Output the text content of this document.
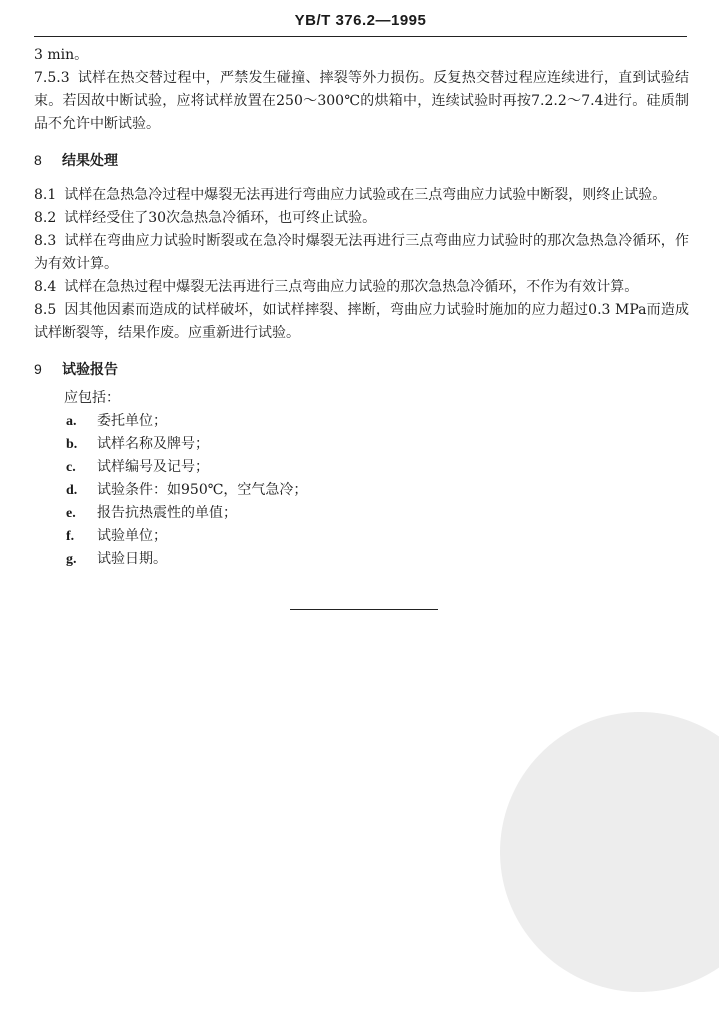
YB/T 376.2—1995

3 min。

7.5.3 试样在热交替过程中，严禁发生碰撞、摔裂等外力损伤。反复热交替过程应连续进行，直到试验结束。若因故中断试验，应将试样放置在250～300℃的烘箱中，连续试验时再按7.2.2～7.4进行。硅质制品不允许中断试验。

8 结果处理

8.1 试样在急热急冷过程中爆裂无法再进行弯曲应力试验或在三点弯曲应力试验中断裂，则终止试验。

8.2 试样经受住了30次急热急冷循环，也可终止试验。

8.3 试样在弯曲应力试验时断裂或在急冷时爆裂无法再进行三点弯曲应力试验时的那次急热急冷循环，作为有效计算。

8.4 试样在急热过程中爆裂无法再进行三点弯曲应力试验的那次急热急冷循环，不作为有效计算。

8.5 因其他因素而造成的试样破坏，如试样摔裂、摔断，弯曲应力试验时施加的应力超过0.3 MPa而造成试样断裂等，结果作废。应重新进行试验。

9 试验报告

应包括：

a. 委托单位；
b. 试样名称及牌号；
c. 试样编号及记号；
d. 试验条件：如950℃，空气急冷；
e. 报告抗热震性的单值；
f. 试验单位；
g. 试验日期。
